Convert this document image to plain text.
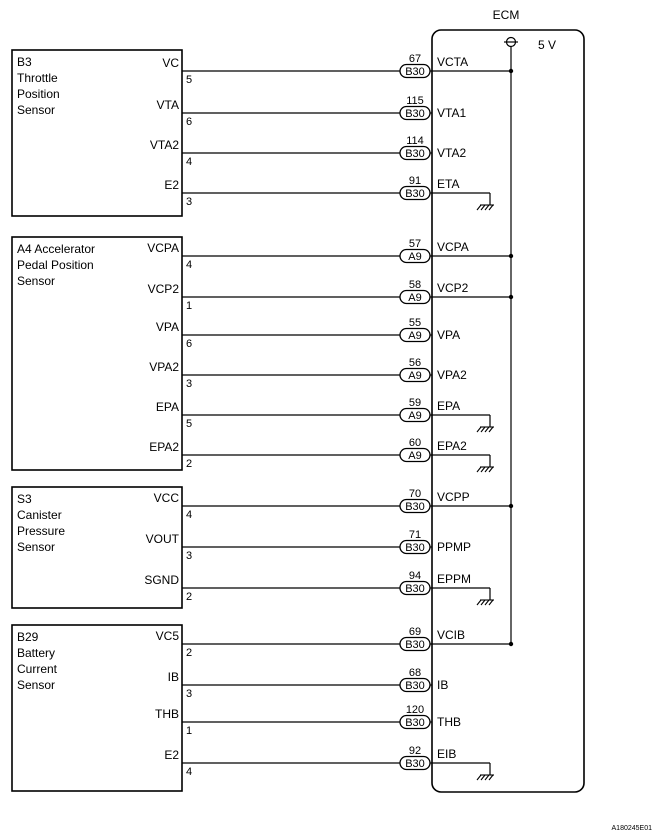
ECM
5 V
B3
Throttle
Position
Sensor
A4 Accelerator
Pedal Position
Sensor
S3
Canister
Pressure
Sensor
B29
Battery
Current
Sensor
VC
5
B30
67 VCTA
VTA
6
B30
115
VTA1
VTA2
4
B30
114
VTA2
E2
3
B30
91 ETA
VCPA
4
A9
57 VCPA
VCP2
1
A9
58 VCP2
VPA
6
A9
55
VPA
VPA2
3
A9
56
VPA2
EPA
5
A9
59 EPA
EPA2
2
A9
60 EPA2
VCC
4
B30
70 VCPP
VOUT
3
B30
71
PPMP
SGND
2
B30
94 EPPM
VC5
2
B30
69 VCIB
IB
3
B30
68
IB
THB
1
B30
120
THB
E2
4
B30
92 EIB
A180245E01
